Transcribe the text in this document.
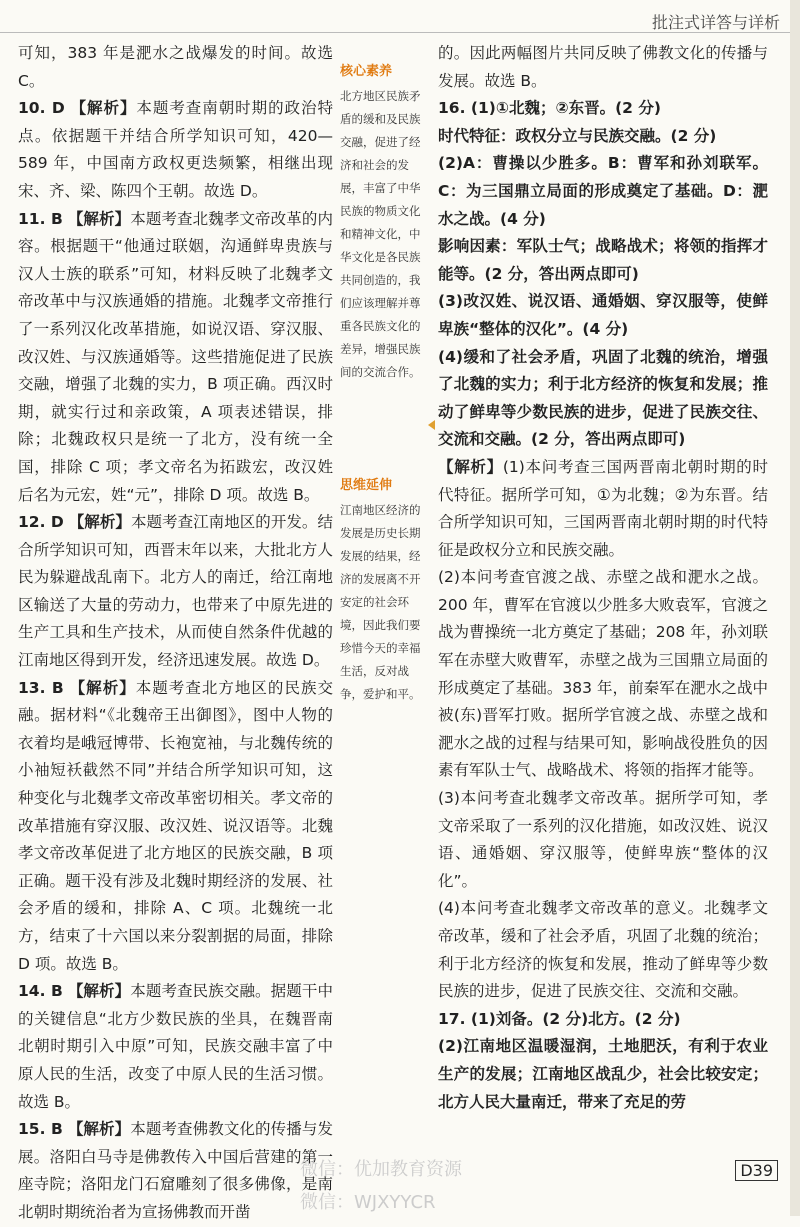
批注式详答与详析

可知，383 年是淝水之战爆发的时间。故选 C。

10. D 【解析】本题考查南朝时期的政治特点。依据题干并结合所学知识可知，420—589 年，中国南方政权更迭频繁，相继出现宋、齐、梁、陈四个王朝。故选 D。

11. B 【解析】本题考查北魏孝文帝改革的内容。根据题干“他通过联姻，沟通鲜卑贵族与汉人士族的联系”可知，材料反映了北魏孝文帝改革中与汉族通婚的措施。北魏孝文帝推行了一系列汉化改革措施，如说汉语、穿汉服、改汉姓、与汉族通婚等。这些措施促进了民族交融，增强了北魏的实力，B 项正确。西汉时期，就实行过和亲政策，A 项表述错误，排除；北魏政权只是统一了北方，没有统一全国，排除 C 项；孝文帝名为拓跋宏，改汉姓后名为元宏，姓“元”，排除 D 项。故选 B。

12. D 【解析】本题考查江南地区的开发。结合所学知识可知，西晋末年以来，大批北方人民为躲避战乱南下。北方人的南迁，给江南地区输送了大量的劳动力，也带来了中原先进的生产工具和生产技术，从而使自然条件优越的江南地区得到开发，经济迅速发展。故选 D。

13. B 【解析】本题考查北方地区的民族交融。据材料“《北魏帝王出御图》，图中人物的衣着均是峨冠博带、长袍宽袖，与北魏传统的小袖短袄截然不同”并结合所学知识可知，这种变化与北魏孝文帝改革密切相关。孝文帝的改革措施有穿汉服、改汉姓、说汉语等。北魏孝文帝改革促进了北方地区的民族交融，B 项正确。题干没有涉及北魏时期经济的发展、社会矛盾的缓和，排除 A、C 项。北魏统一北方，结束了十六国以来分裂割据的局面，排除 D 项。故选 B。

14. B 【解析】本题考查民族交融。据题干中的关键信息“北方少数民族的坐具，在魏晋南北朝时期引入中原”可知，民族交融丰富了中原人民的生活，改变了中原人民的生活习惯。故选 B。

15. B 【解析】本题考查佛教文化的传播与发展。洛阳白马寺是佛教传入中国后营建的第一座寺院；洛阳龙门石窟雕刻了很多佛像，是南北朝时期统治者为宣扬佛教而开凿

核心素养
北方地区民族矛盾的缓和及民族交融，促进了经济和社会的发展，丰富了中华民族的物质文化和精神文化，中华文化是各民族共同创造的，我们应该理解并尊重各民族文化的差异，增强民族间的交流合作。
思维延伸
江南地区经济的发展是历史长期发展的结果，经济的发展离不开安定的社会环境，因此我们要珍惜今天的幸福生活，反对战争，爱护和平。

的。因此两幅图片共同反映了佛教文化的传播与发展。故选 B。

16. (1)①北魏；②东晋。(2 分)

时代特征：政权分立与民族交融。(2 分)

(2)A：曹操以少胜多。B：曹军和孙刘联军。C：为三国鼎立局面的形成奠定了基础。D：淝水之战。(4 分)

影响因素：军队士气；战略战术；将领的指挥才能等。(2 分，答出两点即可)

(3)改汉姓、说汉语、通婚姻、穿汉服等，使鲜卑族“整体的汉化”。(4 分)

(4)缓和了社会矛盾，巩固了北魏的统治，增强了北魏的实力；利于北方经济的恢复和发展；推动了鲜卑等少数民族的进步，促进了民族交往、交流和交融。(2 分，答出两点即可)

【解析】(1)本问考查三国两晋南北朝时期的时代特征。据所学可知，①为北魏；②为东晋。结合所学知识可知，三国两晋南北朝时期的时代特征是政权分立和民族交融。

(2)本问考查官渡之战、赤壁之战和淝水之战。200 年，曹军在官渡以少胜多大败袁军，官渡之战为曹操统一北方奠定了基础；208 年，孙刘联军在赤壁大败曹军，赤壁之战为三国鼎立局面的形成奠定了基础。383 年，前秦军在淝水之战中被(东)晋军打败。据所学官渡之战、赤壁之战和淝水之战的过程与结果可知，影响战役胜负的因素有军队士气、战略战术、将领的指挥才能等。

(3)本问考查北魏孝文帝改革。据所学可知，孝文帝采取了一系列的汉化措施，如改汉姓、说汉语、通婚姻、穿汉服等，使鲜卑族“整体的汉化”。

(4)本问考查北魏孝文帝改革的意义。北魏孝文帝改革，缓和了社会矛盾，巩固了北魏的统治；利于北方经济的恢复和发展，推动了鲜卑等少数民族的进步，促进了民族交往、交流和交融。

17. (1)刘备。(2 分)北方。(2 分)

(2)江南地区温暖湿润，土地肥沃，有利于农业生产的发展；江南地区战乱少，社会比较安定；北方人民大量南迁，带来了充足的劳

微信：优加教育资源
微信：WJXYYCR
D39
